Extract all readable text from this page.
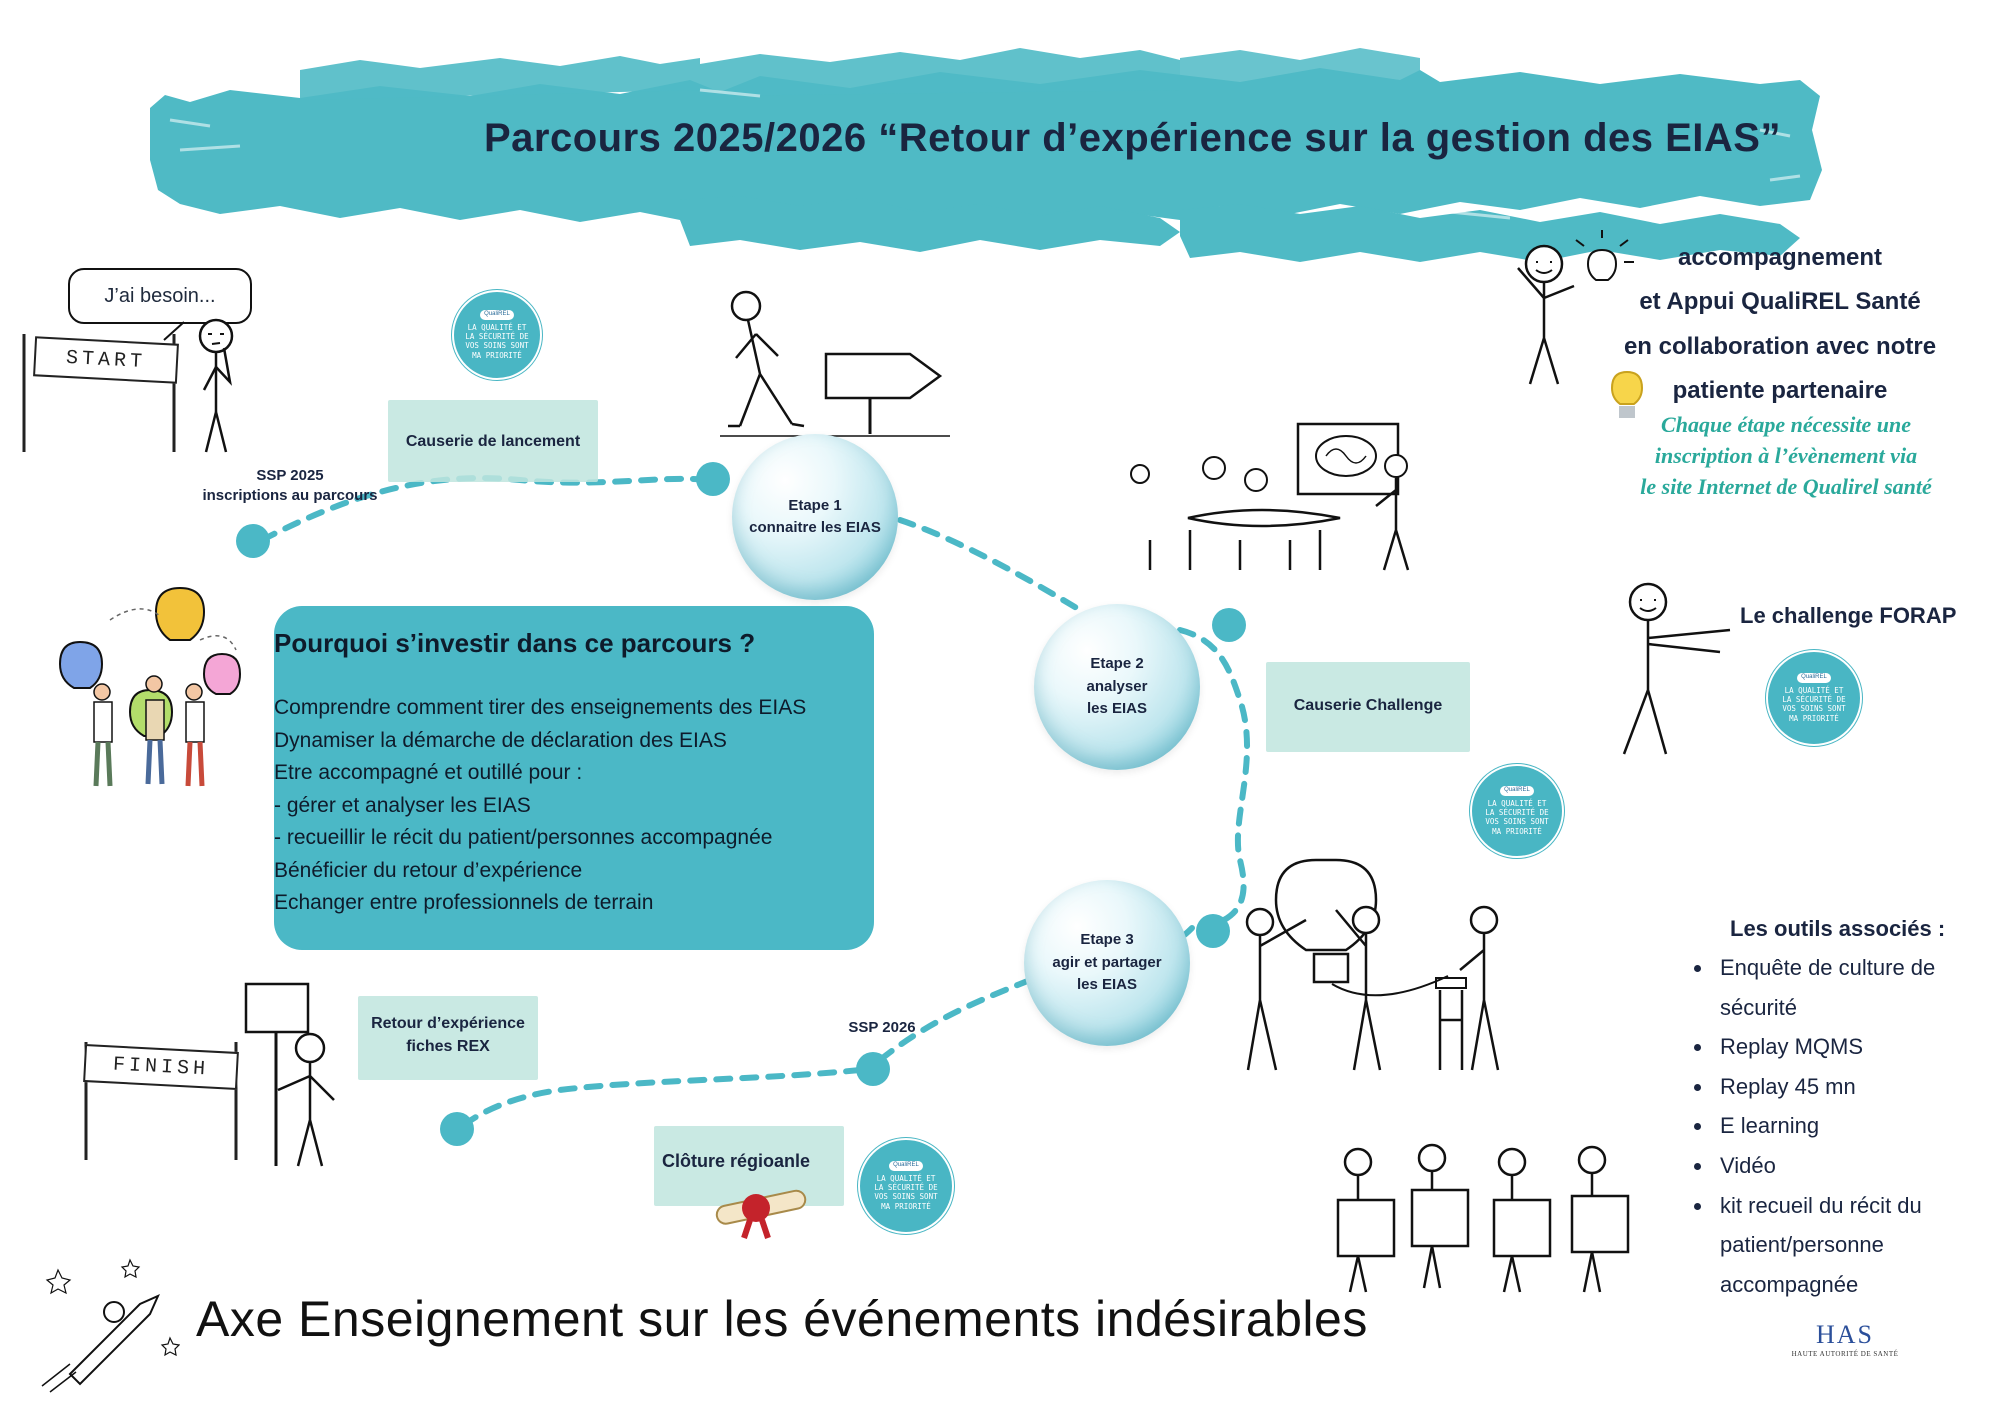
Parcours 2025/2026 “Retour d’expérience sur la gestion des EIAS”
J’ai besoin...
START
SSP 2025
inscriptions au parcours
QualiREL
LA QUALITÉ ET LA SÉCURITÉ DE VOS SOINS SONT MA PRIORITÉ
Causerie de lancement
Etape 1
connaitre les EIAS
Etape 2
analyser
les EIAS	Causerie Challenge
QualiREL
LA QUALITÉ ET LA SÉCURITÉ DE VOS SOINS SONT MA PRIORITÉ
Etape 3
agir et partager
les EIAS
SSP 2026
Retour d’expérience
fiches REX
FINISH
Clôture régioanle	QualiREL
LA QUALITÉ ET LA SÉCURITÉ DE VOS SOINS SONT MA PRIORITÉ
Pourquoi s’investir dans ce parcours ?
Comprendre comment tirer des enseignements des EIAS
Dynamiser la démarche de déclaration des EIAS
Etre accompagné et outillé pour :
- gérer et analyser les EIAS
- recueillir le récit du patient/personnes accompagnée
Bénéficier du retour d’expérience
Echanger entre professionnels de terrain
accompagnement
et Appui QualiREL Santé
en collaboration avec notre
patiente partenaire
Chaque étape nécessite une
inscription à l’évènement via
le site Internet de Qualirel santé
Le challenge FORAP
QualiREL
LA QUALITÉ ET LA SÉCURITÉ DE VOS SOINS SONT MA PRIORITÉ
Les outils associés :
• Enquête de culture de sécurité
• Replay MQMS
• Replay 45 mn
• E learning
• Vidéo
• kit recueil du récit du patient/personne accompagnée
Axe Enseignement sur les événements indésirables	HAS
HAUTE AUTORITÉ DE SANTÉ
